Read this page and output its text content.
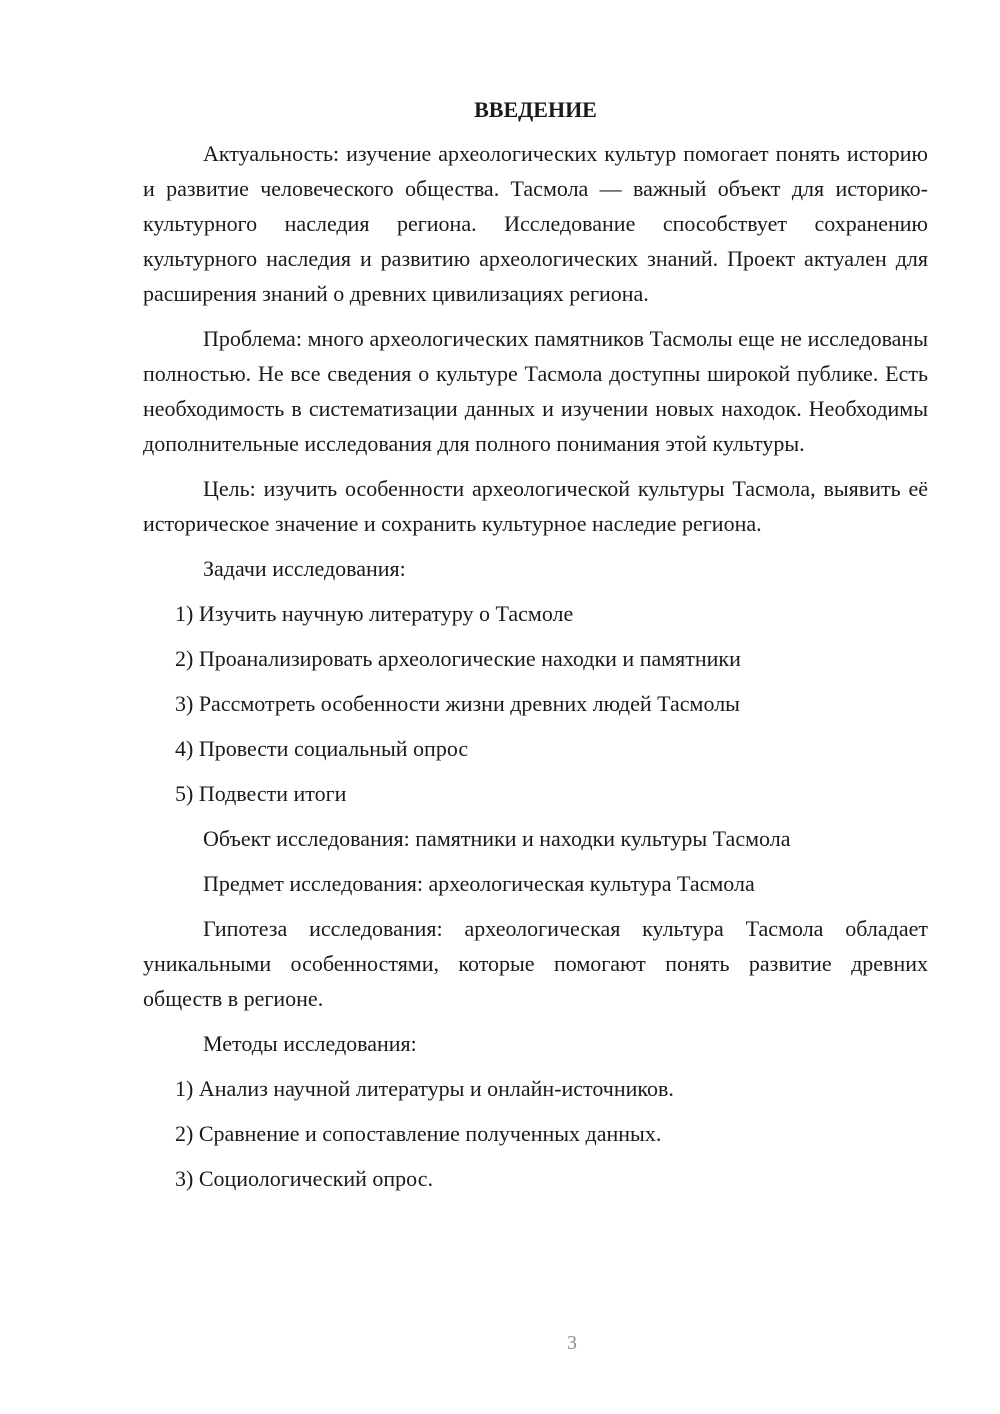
ВВЕДЕНИЕ
Актуальность: изучение археологических культур помогает понять историю и развитие человеческого общества. Тасмола — важный объект для историко-культурного наследия региона. Исследование способствует сохранению культурного наследия и развитию археологических знаний. Проект актуален для расширения знаний о древних цивилизациях региона.
Проблема: много археологических памятников Тасмолы еще не исследованы полностью. Не все сведения о культуре Тасмола доступны широкой публике. Есть необходимость в систематизации данных и изучении новых находок. Необходимы дополнительные исследования для полного понимания этой культуры.
Цель: изучить особенности археологической культуры Тасмола, выявить её историческое значение и сохранить культурное наследие региона.
Задачи исследования:
1) Изучить научную литературу о Тасмоле
2) Проанализировать археологические находки и памятники
3) Рассмотреть особенности жизни древних людей Тасмолы
4) Провести социальный опрос
5) Подвести итоги
Объект исследования: памятники и находки культуры Тасмола
Предмет исследования: археологическая культура Тасмола
Гипотеза исследования: археологическая культура Тасмола обладает уникальными особенностями, которые помогают понять развитие древних обществ в регионе.
Методы исследования:
1) Анализ научной литературы и онлайн-источников.
2) Сравнение и сопоставление полученных данных.
3) Социологический опрос.
3
